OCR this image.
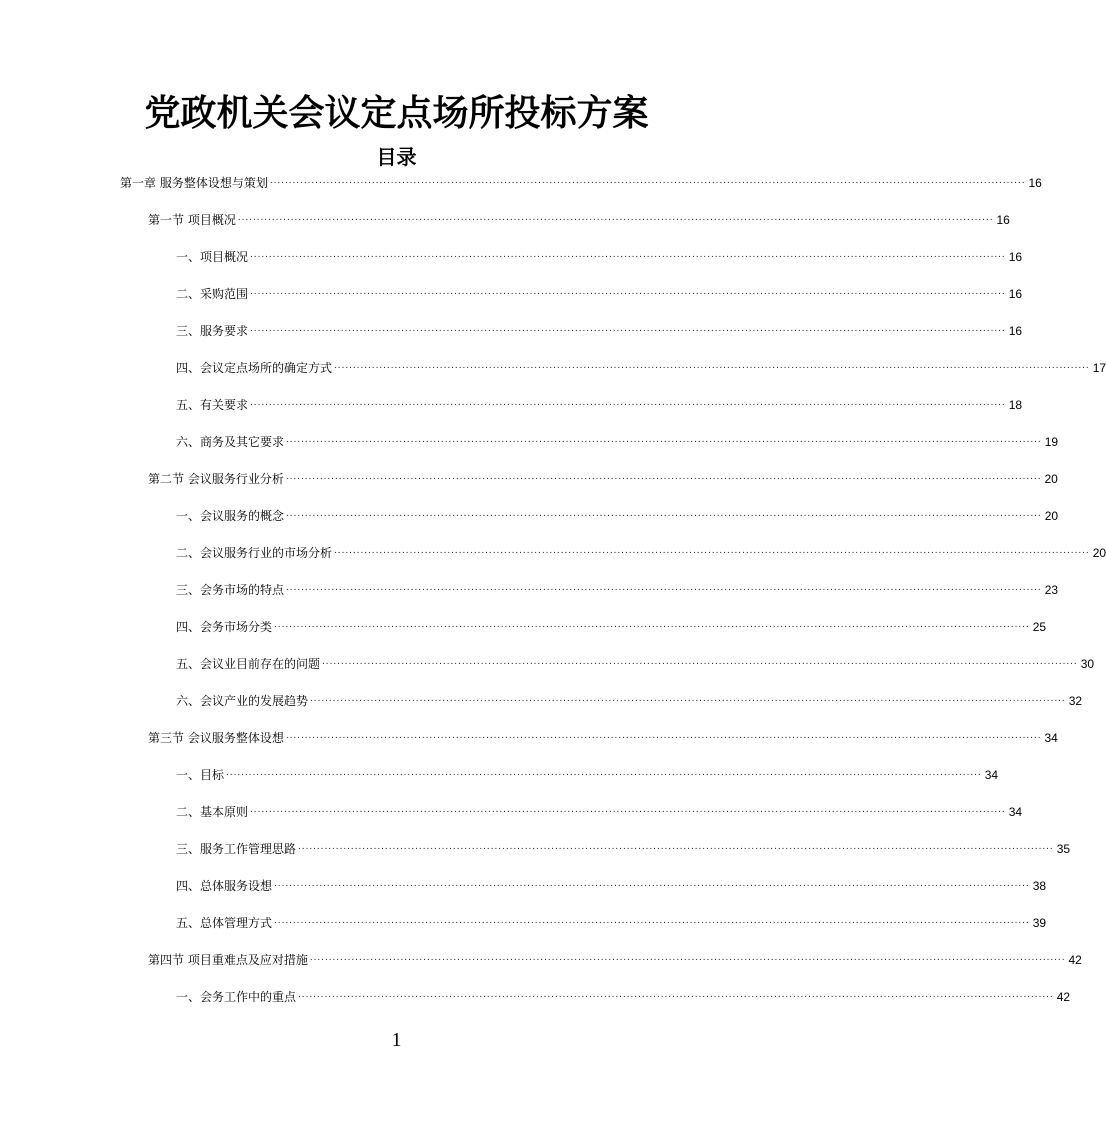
党政机关会议定点场所投标方案
目录
第一章 服务整体设想与策划 ........................................................................................................................................................................................................ 16
第一节 项目概况 ........................................................................................................................................................................................................ 16
一、项目概况 ........................................................................................................................................................................................................ 16
二、采购范围 ........................................................................................................................................................................................................ 16
三、服务要求 ........................................................................................................................................................................................................ 16
四、会议定点场所的确定方式 ........................................................................................................................................................................................................ 17
五、有关要求 ........................................................................................................................................................................................................ 18
六、商务及其它要求 ........................................................................................................................................................................................................ 19
第二节 会议服务行业分析 ........................................................................................................................................................................................................ 20
一、会议服务的概念 ........................................................................................................................................................................................................ 20
二、会议服务行业的市场分析 ........................................................................................................................................................................................................ 20
三、会务市场的特点 ........................................................................................................................................................................................................ 23
四、会务市场分类 ........................................................................................................................................................................................................ 25
五、会议业目前存在的问题 ........................................................................................................................................................................................................ 30
六、会议产业的发展趋势 ........................................................................................................................................................................................................ 32
第三节 会议服务整体设想 ........................................................................................................................................................................................................ 34
一、目标 ........................................................................................................................................................................................................ 34
二、基本原则 ........................................................................................................................................................................................................ 34
三、服务工作管理思路 ........................................................................................................................................................................................................ 35
四、总体服务设想 ........................................................................................................................................................................................................ 38
五、总体管理方式 ........................................................................................................................................................................................................ 39
第四节 项目重难点及应对措施 ........................................................................................................................................................................................................ 42
一、会务工作中的重点 ........................................................................................................................................................................................................ 42
1
